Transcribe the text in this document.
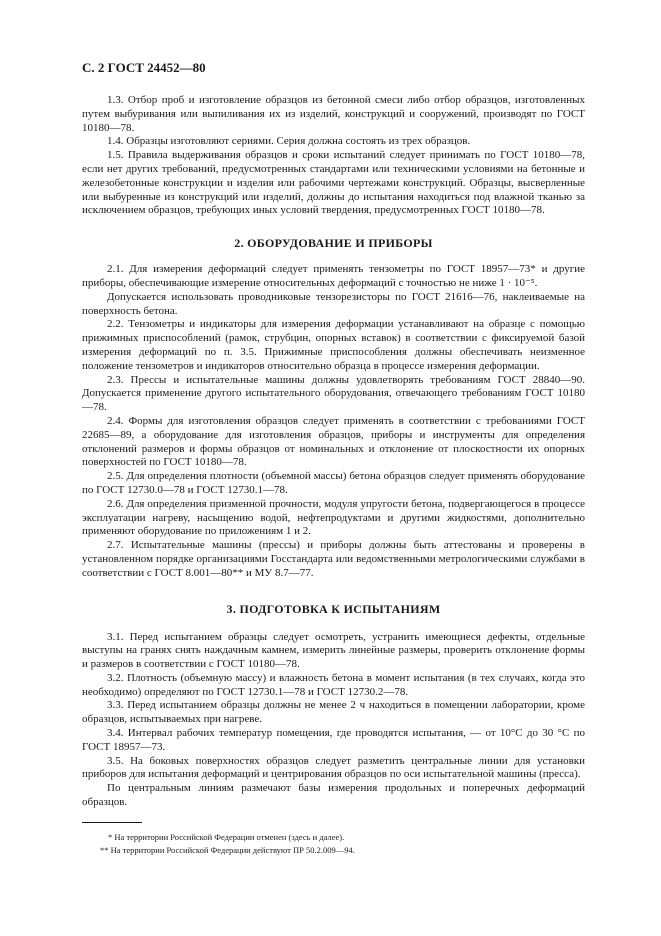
С. 2 ГОСТ 24452—80

1.3. Отбор проб и изготовление образцов из бетонной смеси либо отбор образцов, изготовленных путем выбуривания или выпиливания их из изделий, конструкций и сооружений, производят по ГОСТ 10180—78.

1.4. Образцы изготовляют сериями. Серия должна состоять из трех образцов.

1.5. Правила выдерживания образцов и сроки испытаний следует принимать по ГОСТ 10180—78, если нет других требований, предусмотренных стандартами или техническими условиями на бетонные и железобетонные конструкции и изделия или рабочими чертежами конструкций. Образцы, высверленные или выбуренные из конструкций или изделий, должны до испытания находиться под влажной тканью за исключением образцов, требующих иных условий твердения, предусмотренных ГОСТ 10180—78.

2. ОБОРУДОВАНИЕ И ПРИБОРЫ

2.1. Для измерения деформаций следует применять тензометры по ГОСТ 18957—73* и другие приборы, обеспечивающие измерение относительных деформаций с точностью не ниже 1 · 10⁻⁵.

Допускается использовать проводниковые тензорезисторы по ГОСТ 21616—76, наклеиваемые на поверхность бетона.

2.2. Тензометры и индикаторы для измерения деформации устанавливают на образце с помощью прижимных приспособлений (рамок, струбцин, опорных вставок) в соответствии с фиксируемой базой измерения деформаций по п. 3.5. Прижимные приспособления должны обеспечивать неизменное положение тензометров и индикаторов относительно образца в процессе измерения деформации.

2.3. Прессы и испытательные машины должны удовлетворять требованиям ГОСТ 28840—90. Допускается применение другого испытательного оборудования, отвечающего требованиям ГОСТ 10180—78.

2.4. Формы для изготовления образцов следует применять в соответствии с требованиями ГОСТ 22685—89, а оборудование для изготовления образцов, приборы и инструменты для определения отклонений размеров и формы образцов от номинальных и отклонение от плоскостности их опорных поверхностей по ГОСТ 10180—78.

2.5. Для определения плотности (объемной массы) бетона образцов следует применять оборудование по ГОСТ 12730.0—78 и ГОСТ 12730.1—78.

2.6. Для определения призменной прочности, модуля упругости бетона, подвергающегося в процессе эксплуатации нагреву, насыщению водой, нефтепродуктами и другими жидкостями, дополнительно применяют оборудование по приложениям 1 и 2.

2.7. Испытательные машины (прессы) и приборы должны быть аттестованы и проверены в установленном порядке организациями Госстандарта или ведомственными метрологическими службами в соответствии с ГОСТ 8.001—80** и МУ 8.7—77.

3. ПОДГОТОВКА К ИСПЫТАНИЯМ

3.1. Перед испытанием образцы следует осмотреть, устранить имеющиеся дефекты, отдельные выступы на гранях снять наждачным камнем, измерить линейные размеры, проверить отклонение формы и размеров в соответствии с ГОСТ 10180—78.

3.2. Плотность (объемную массу) и влажность бетона в момент испытания (в тех случаях, когда это необходимо) определяют по ГОСТ 12730.1—78 и ГОСТ 12730.2—78.

3.3. Перед испытанием образцы должны не менее 2 ч находиться в помещении лаборатории, кроме образцов, испытываемых при нагреве.

3.4. Интервал рабочих температур помещения, где проводятся испытания, — от 10°С до 30 °С по ГОСТ 18957—73.

3.5. На боковых поверхностях образцов следует разметить центральные линии для установки приборов для испытания деформаций и центрирования образцов по оси испытательной машины (пресса).

По центральным линиям размечают базы измерения продольных и поперечных деформаций образцов.

* На территории Российской Федерации отменен (здесь и далее).

** На территории Российской Федерации действуют ПР 50.2.009—94.
